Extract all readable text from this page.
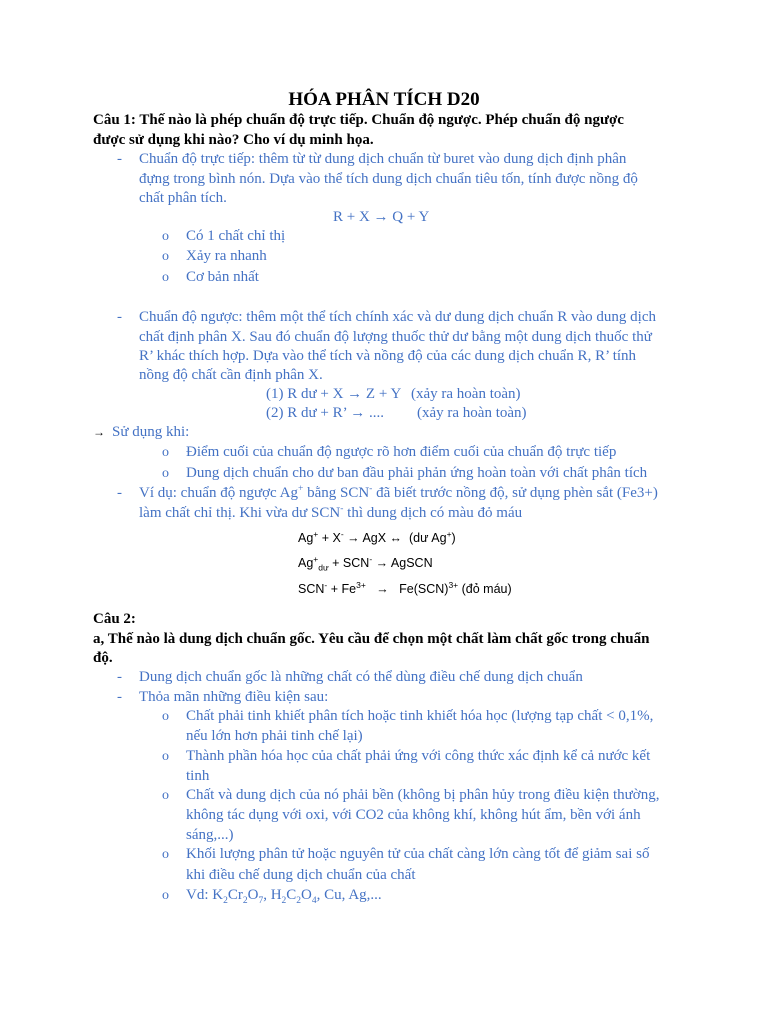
HÓA PHÂN TÍCH D20
Câu 1: Thế nào là phép chuẩn độ trực tiếp. Chuẩn độ ngược. Phép chuẩn độ ngược
được sử dụng khi nào? Cho ví dụ minh họa.
- Chuẩn độ trực tiếp: thêm từ từ dung dịch chuẩn từ buret vào dung dịch định phân
đựng trong bình nón. Dựa vào thể tích dung dịch chuẩn tiêu tốn, tính được nồng độ
chất phân tích.
R + X → Q + Y
o Có 1 chất chỉ thị
o Xảy ra nhanh
o Cơ bản nhất
- Chuẩn độ ngược: thêm một thể tích chính xác và dư dung dịch chuẩn R vào dung dịch
chất định phân X. Sau đó chuẩn độ lượng thuốc thử dư bằng một dung dịch thuốc thử
R’ khác thích hợp. Dựa vào thể tích và nồng độ của các dung dịch chuẩn R, R’ tính
nồng độ chất cần định phân X.
(1) R dư + X → Z + Y (xảy ra hoàn toàn)
(2) R dư + R’ → .... (xảy ra hoàn toàn)
→ Sử dụng khi:
o Điểm cuối của chuẩn độ ngược rõ hơn điểm cuối của chuẩn độ trực tiếp
o Dung dịch chuẩn cho dư ban đầu phải phản ứng hoàn toàn với chất phân tích
- Ví dụ: chuẩn độ ngược Ag+ bằng SCN- đã biết trước nồng độ, sử dụng phèn sắt (Fe3+)
làm chất chỉ thị. Khi vừa dư SCN- thì dung dịch có màu đỏ máu
Ag+ + X- → AgX ↔  (dư Ag+)
$Ag^+_{dư} + SCN^-$ → AgSCN
$SCN^- + Fe^{3+} \to Fe(SCN)^{3+}$ (đỏ máu)
Câu 2:
a, Thế nào là dung dịch chuẩn gốc. Yêu cầu để chọn một chất làm chất gốc trong chuẩn
độ.
- Dung dịch chuẩn gốc là những chất có thể dùng điều chế dung dịch chuẩn
- Thỏa mãn những điều kiện sau:
o Chất phải tinh khiết phân tích hoặc tinh khiết hóa học (lượng tạp chất < 0,1%,
nếu lớn hơn phải tinh chế lại)
o Thành phần hóa học của chất phải ứng với công thức xác định kể cả nước kết
tinh
o Chất và dung dịch của nó phải bền (không bị phân hủy trong điều kiện thường,
không tác dụng với oxi, với CO2 của không khí, không hút ẩm, bền với ánh
sáng,...)
o Khối lượng phân tử hoặc nguyên tử của chất càng lớn càng tốt để giảm sai số
khi điều chế dung dịch chuẩn của chất
o Vd: $K_2Cr_2O_7$, $H_2C_2O_4$, Cu, Ag,...
